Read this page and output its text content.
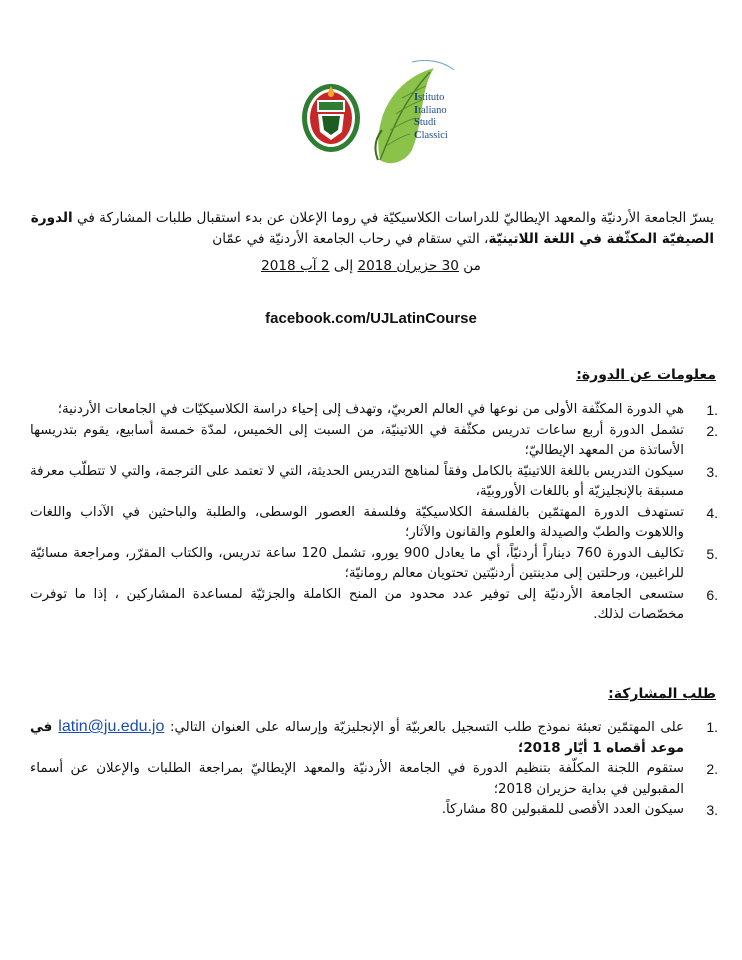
Istituto
Italiano
Studi
Classici
يسرّ الجامعة الأردنيّة والمعهد الإيطاليّ للدراسات الكلاسيكيّة في روما الإعلان عن بدء استقبال طلبات المشاركة في الدورة الصيفيّة المكثّفة في اللغة اللاتينيّة، التي ستقام في رحاب الجامعة الأردنيّة في عمّان
من 30 حزيران 2018 إلى 2 آب 2018
facebook.com/UJLatinCourse
معلومات عن الدورة:
1.
هي الدورة المكثّفة الأولى من نوعها في العالم العربيّ، وتهدف إلى إحياء دراسة الكلاسيكيّات في الجامعات الأردنية؛
2.
تشمل الدورة أربع ساعات تدريس مكثّفة في اللاتينيّة، من السبت إلى الخميس، لمدّة خمسة أسابيع، يقوم بتدريسها الأساتذة من المعهد الإيطاليّ؛
3.
سيكون التدريس باللغة اللاتينيّة بالكامل وفقاً لمناهج التدريس الحديثة، التي لا تعتمد على الترجمة، والتي لا تتطلّب معرفة مسبقة بالإنجليزيّة أو باللغات الأوروبيّة،
4.
تستهدف الدورة المهتمّين بالفلسفة الكلاسيكيّة وفلسفة العصور الوسطى، والطلبة والباحثين في الآداب واللغات واللاهوت والطبّ والصيدلة والعلوم والقانون والآثار؛
5.
تكاليف الدورة 760 ديناراً أردنيّاً، أي ما يعادل 900 يورو، تشمل 120 ساعة تدريس، والكتاب المقرّر، ومراجعة مسائيّة للراغبين، ورحلتين إلى مدينتين أردنيّتين تحتويان معالم رومانيّة؛
6.
ستسعى الجامعة الأردنيّة إلى توفير عدد محدود من المنح الكاملة والجزئيّة لمساعدة المشاركين ، إذا ما توفرت مخصّصات لذلك.
طلب المشاركة:
1.
على المهتمّين تعبئة نموذج طلب التسجيل بالعربيّة أو الإنجليزيّة وإرساله على العنوان التالي: latin@ju.edu.jo في موعد أقصاه 1 أيّار 2018؛
2.
ستقوم اللجنة المكلّفة بتنظيم الدورة في الجامعة الأردنيّة والمعهد الإيطاليّ بمراجعة الطلبات والإعلان عن أسماء المقبولين في بداية حزيران 2018؛
3.
سيكون العدد الأقصى للمقبولين 80 مشاركاً.
